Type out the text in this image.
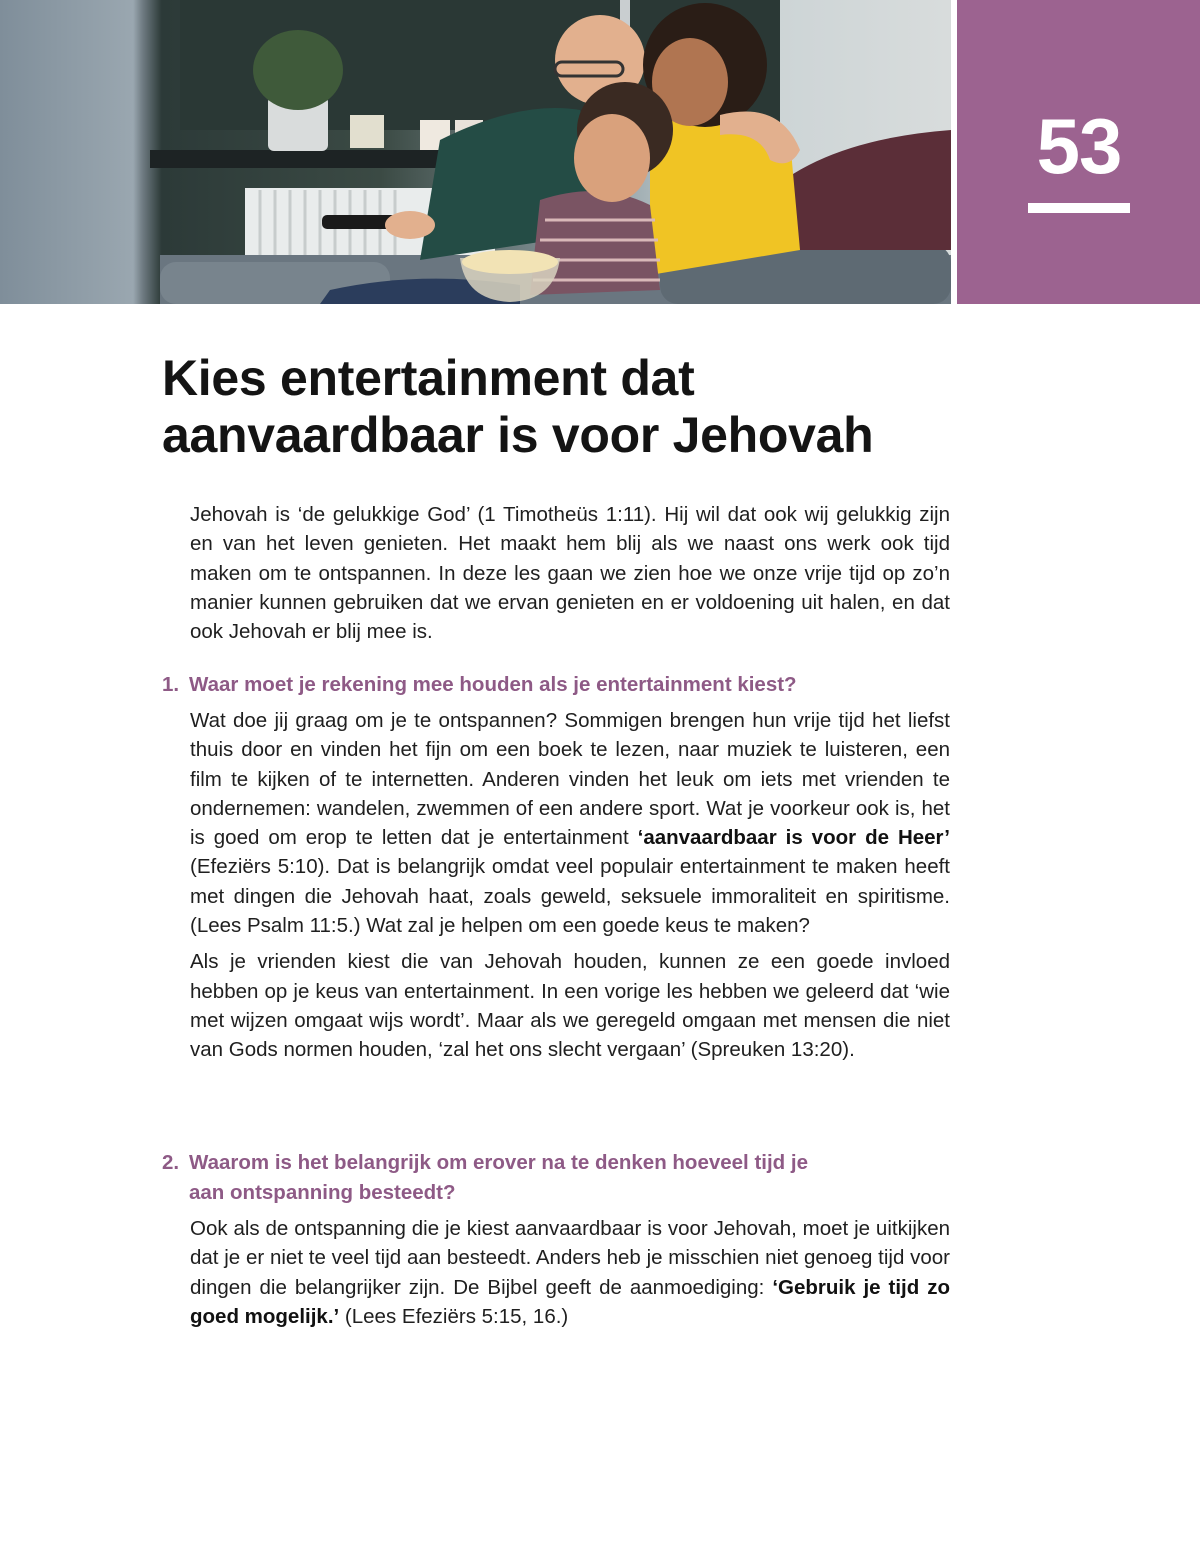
53
Kies entertainment dat
aanvaardbaar is voor Jehovah

Jehovah is ‘de gelukkige God’ (1 Timotheüs 1:11). Hij wil dat ook wij gelukkig zijn en van het leven genieten. Het maakt hem blij als we naast ons werk ook tijd maken om te ontspannen. In deze les gaan we zien hoe we onze vrije tijd op zo’n manier kunnen gebruiken dat we ervan genieten en er voldoening uit halen, en dat ook Jehovah er blij mee is.

1. Waar moet je rekening mee houden als je entertainment kiest?

Wat doe jij graag om je te ontspannen? Sommigen brengen hun vrije tijd het liefst thuis door en vinden het fijn om een boek te lezen, naar muziek te luisteren, een film te kijken of te internetten. Anderen vinden het leuk om iets met vrienden te ondernemen: wandelen, zwemmen of een andere sport. Wat je voorkeur ook is, het is goed om erop te letten dat je entertainment ‘aanvaardbaar is voor de Heer’ (Efeziërs 5:10). Dat is belangrijk omdat veel populair entertainment te maken heeft met dingen die Jehovah haat, zoals geweld, seksuele immoraliteit en spiritisme. (Lees Psalm 11:5.) Wat zal je helpen om een goede keus te maken?

Als je vrienden kiest die van Jehovah houden, kunnen ze een goede invloed hebben op je keus van entertainment. In een vorige les hebben we geleerd dat ‘wie met wijzen omgaat wijs wordt’. Maar als we geregeld omgaan met mensen die niet van Gods normen houden, ‘zal het ons slecht vergaan’ (Spreuken 13:20).

2. Waarom is het belangrijk om erover na te denken hoeveel tijd je
aan ontspanning besteedt?

Ook als de ontspanning die je kiest aanvaardbaar is voor Jehovah, moet je uitkijken dat je er niet te veel tijd aan besteedt. Anders heb je misschien niet genoeg tijd voor dingen die belangrijker zijn. De Bijbel geeft de aanmoediging: ‘Gebruik je tijd zo goed mogelijk.’ (Lees Efeziërs 5:15, 16.)
